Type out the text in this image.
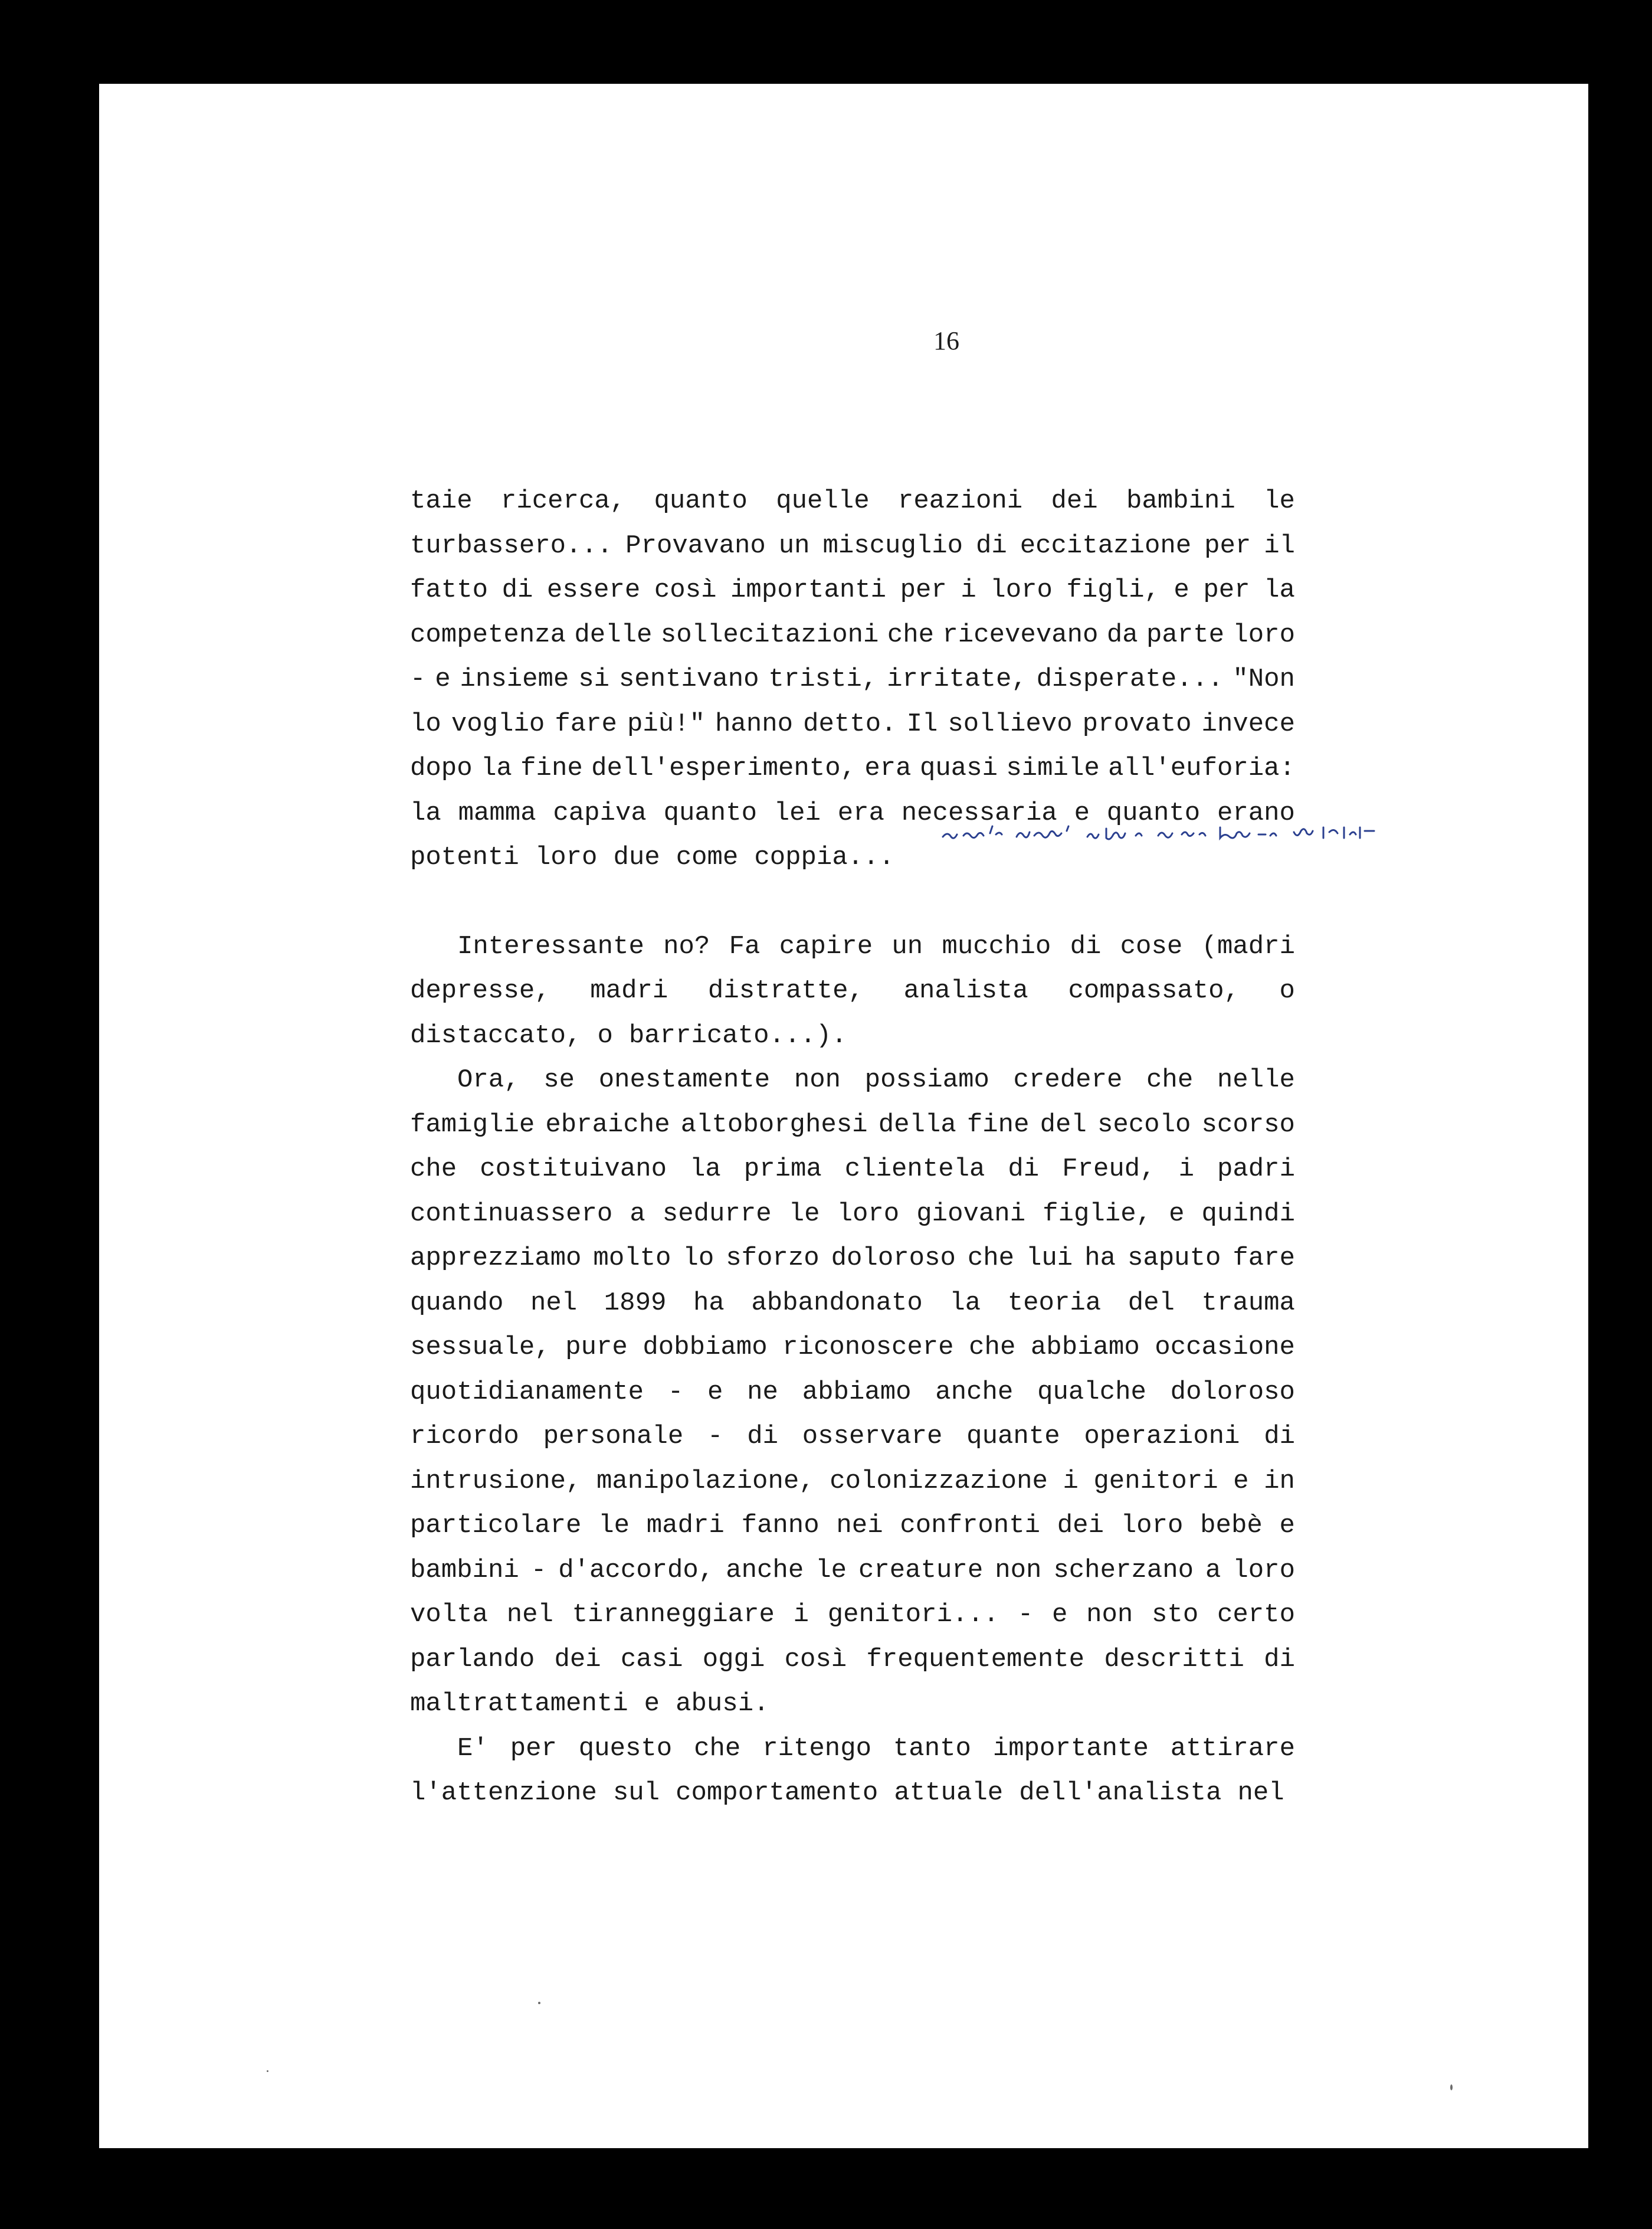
16
taie ricerca, quanto quelle reazioni dei bambini le
turbassero... Provavano un miscuglio di eccitazione per il
fatto di essere così importanti per i loro figli, e per la
competenza delle sollecitazioni che ricevevano da parte loro
- e insieme si sentivano tristi, irritate, disperate... "Non
lo voglio fare più!" hanno detto. Il sollievo provato invece
dopo la fine dell'esperimento, era quasi simile all'euforia:
la mamma capiva quanto lei era necessaria e quanto erano
potenti loro due come coppia...
Interessante no? Fa capire un mucchio di cose (madri
depresse, madri distratte, analista compassato, o
distaccato, o barricato...).
Ora, se onestamente non possiamo credere che nelle
famiglie ebraiche altoborghesi della fine del secolo scorso
che costituivano la prima clientela di Freud, i padri
continuassero a sedurre le loro giovani figlie, e quindi
apprezziamo molto lo sforzo doloroso che lui ha saputo fare
quando nel 1899 ha abbandonato la teoria del trauma
sessuale, pure dobbiamo riconoscere che abbiamo occasione
quotidianamente - e ne abbiamo anche qualche doloroso
ricordo personale - di osservare quante operazioni di
intrusione, manipolazione, colonizzazione i genitori e in
particolare le madri fanno nei confronti dei loro bebè e
bambini - d'accordo, anche le creature non scherzano a loro
volta nel tiranneggiare i genitori... - e non sto certo
parlando dei casi oggi così frequentemente descritti di
maltrattamenti e abusi.
E' per questo che ritengo tanto importante attirare
l'attenzione sul comportamento attuale dell'analista nel
